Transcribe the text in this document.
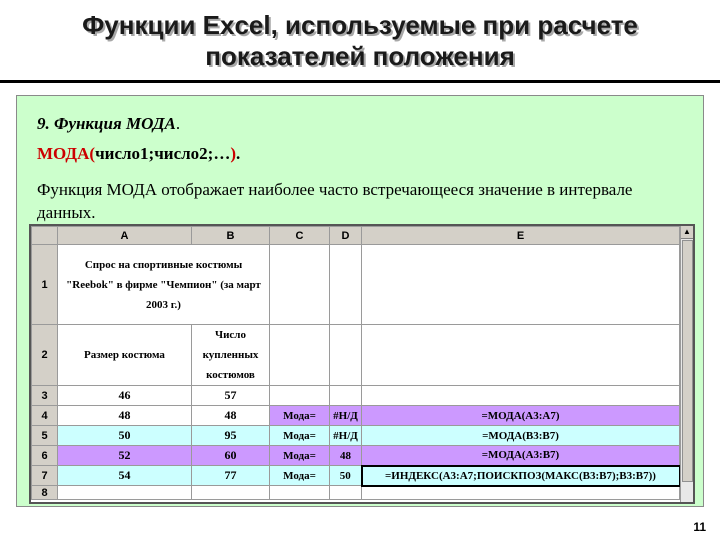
Функции Excel, используемые при расчете
показателей положения
9. Функция МОДА.
МОДА(число1;число2;…).
Функция МОДА отображает наиболее часто встречающееся значение в интервале данных.
	A	B	C	D	E
1	Спрос на спортивные костюмы "Reebok" в фирме "Чемпион" (за март 2003 г.)				
2	Размер костюма	Число купленных костюмов			
3	46	57			
4	48	48	Мода=	#Н/Д	=МОДА(A3:A7)
5	50	95	Мода=	#Н/Д	=МОДА(B3:B7)
6	52	60	Мода=	48	=МОДА(A3:B7)
7	54	77	Мода=	50	=ИНДЕКС(A3:A7;ПОИСКПОЗ(МАКС(B3:B7);B3:B7))
8					
▲
11
